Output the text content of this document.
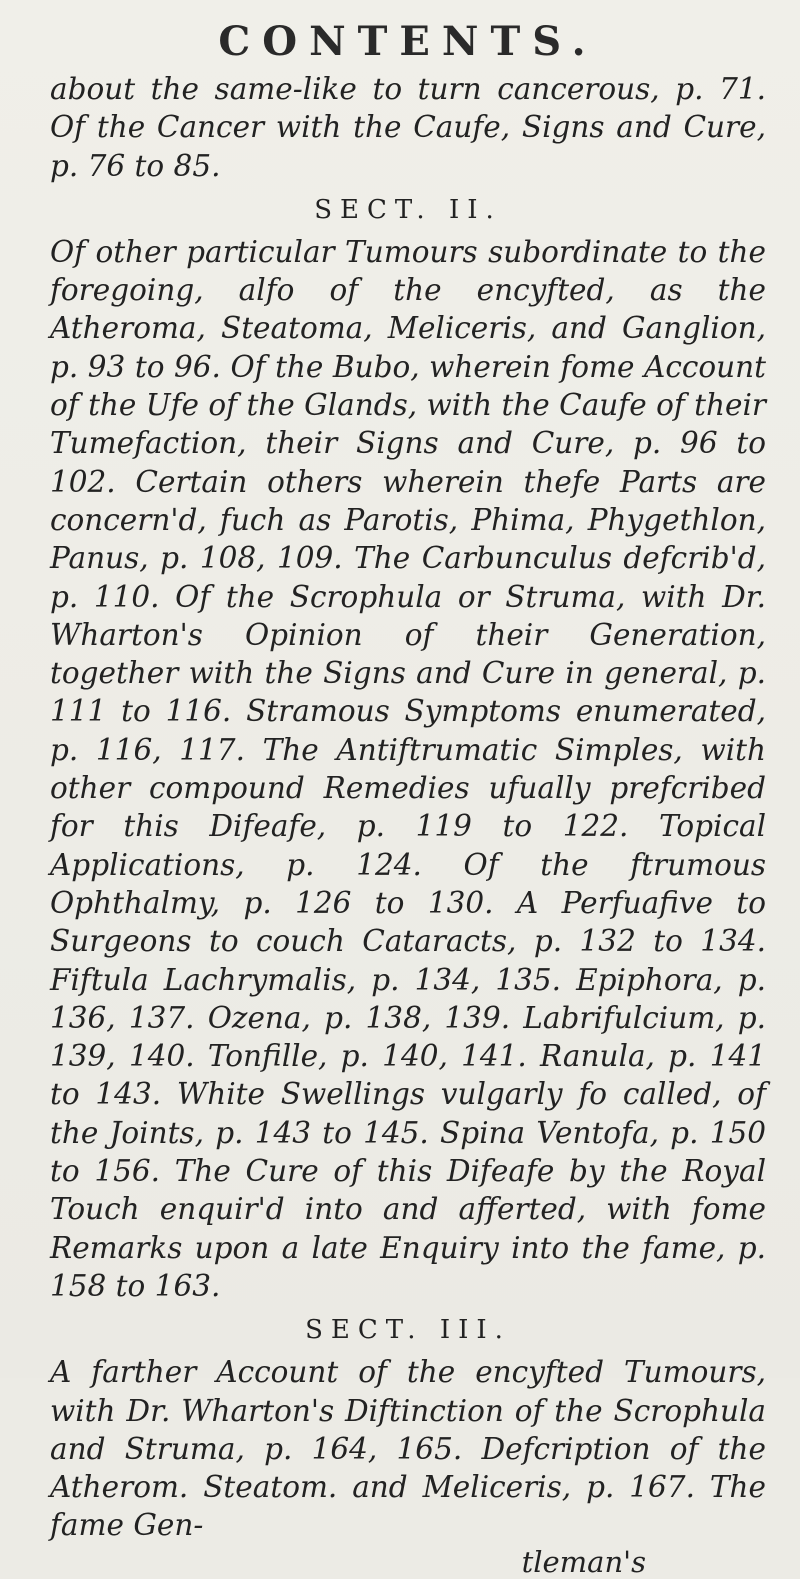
CONTENTS.

about the same-like to turn cancerous, p. 71. Of the Cancer with the Caufe, Signs and Cure, p. 76 to 85.

SECT. II.

Of other particular Tumours subordinate to the foregoing, alfo of the encyfted, as the Atheroma, Steatoma, Meliceris, and Ganglion, p. 93 to 96. Of the Bubo, wherein fome Account of the Ufe of the Glands, with the Caufe of their Tumefaction, their Signs and Cure, p. 96 to 102. Certain others wherein thefe Parts are concern'd, fuch as Parotis, Phima, Phygethlon, Panus, p. 108, 109. The Carbunculus defcrib'd, p. 110. Of the Scrophula or Struma, with Dr. Wharton's Opinion of their Generation, together with the Signs and Cure in general, p. 111 to 116. Stramous Symptoms enumerated, p. 116, 117. The Antiftrumatic Simples, with other compound Remedies ufually prefcribed for this Difeafe, p. 119 to 122. Topical Applications, p. 124. Of the ftrumous Ophthalmy, p. 126 to 130. A Perfuafive to Surgeons to couch Cataracts, p. 132 to 134. Fiftula Lachrymalis, p. 134, 135. Epiphora, p. 136, 137. Ozena, p. 138, 139. Labrifulcium, p. 139, 140. Tonfille, p. 140, 141. Ranula, p. 141 to 143. White Swellings vulgarly fo called, of the Joints, p. 143 to 145. Spina Ventofa, p. 150 to 156. The Cure of this Difeafe by the Royal Touch enquir'd into and afferted, with fome Remarks upon a late Enquiry into the fame, p. 158 to 163.

SECT. III.

A farther Account of the encyfted Tumours, with Dr. Wharton's Diftinction of the Scrophula and Struma, p. 164, 165. Defcription of the Atherom. Steatom. and Meliceris, p. 167. The fame Gen-

tleman's
